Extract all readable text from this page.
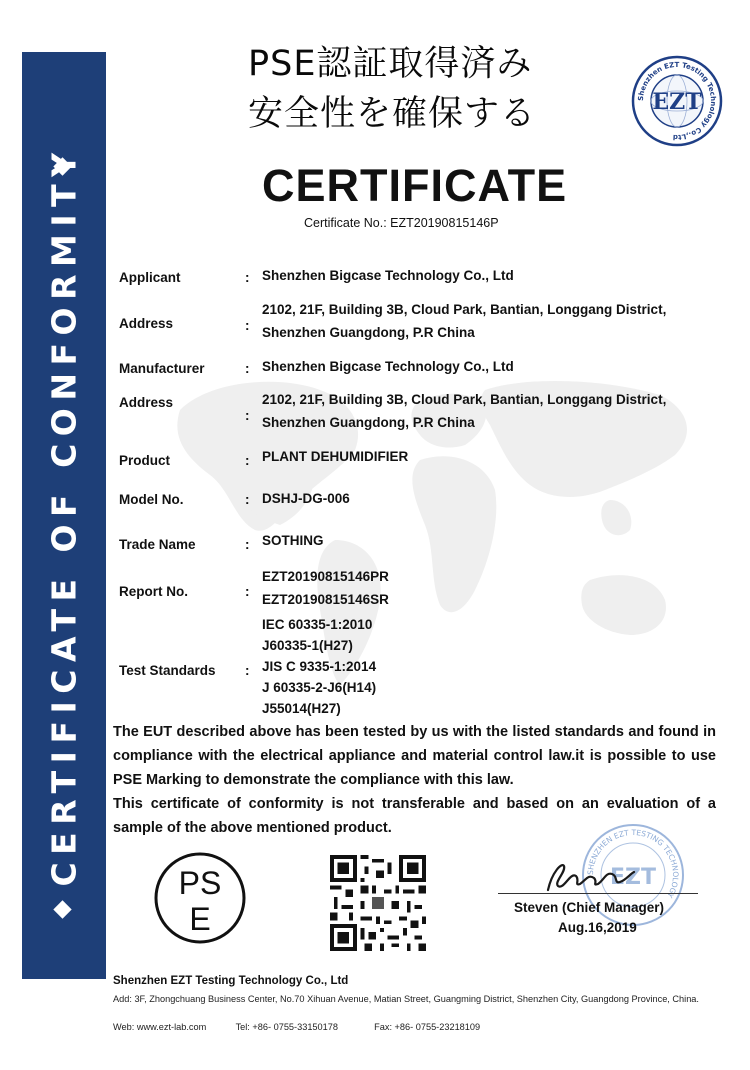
CERTIFICATE OF CONFORMITY
PSE認証取得済み
安全性を確保する	Shenzhen EZT Testing Technology Co.,Ltd
EZT
CERTIFICATE
Certificate No.: EZT20190815146P
Applicant	: Shenzhen Bigcase Technology Co., Ltd
Address	:
2102, 21F, Building 3B, Cloud Park, Bantian, Longgang District,
Shenzhen Guangdong, P.R China
Manufacturer	: Shenzhen Bigcase Technology Co., Ltd
Address
:
2102, 21F, Building 3B, Cloud Park, Bantian, Longgang District,
Shenzhen Guangdong, P.R China
Product	: PLANT DEHUMIDIFIER
Model No.	: DSHJ-DG-006
Trade Name	: SOTHING
Report No.	:
EZT20190815146PR
EZT20190815146SR
Test Standards :
IEC 60335-1:2010
J60335-1(H27)
JIS C 9335-1:2014
J 60335-2-J6(H14)
J55014(H27)
The EUT described above has been tested by us with the listed standards and found in compliance with the electrical appliance and material control law.it is possible to use PSE Marking to demonstrate the compliance with this law.
This certificate of conformity is not transferable and based on an evaluation of a sample of the above mentioned product.
PS
E
SHENZHEN EZT TESTING TECHNOLOGY
EZT
Steven (Chief Manager)
Aug.16,2019
Shenzhen EZT Testing Technology Co., Ltd
Add: 3F, Zhongchuang Business Center, No.70 Xihuan Avenue, Matian Street, Guangming District, Shenzhen City, Guangdong Province, China.
Web: www.ezt-lab.com	Tel: +86- 0755-33150178	Fax: +86- 0755-23218109
